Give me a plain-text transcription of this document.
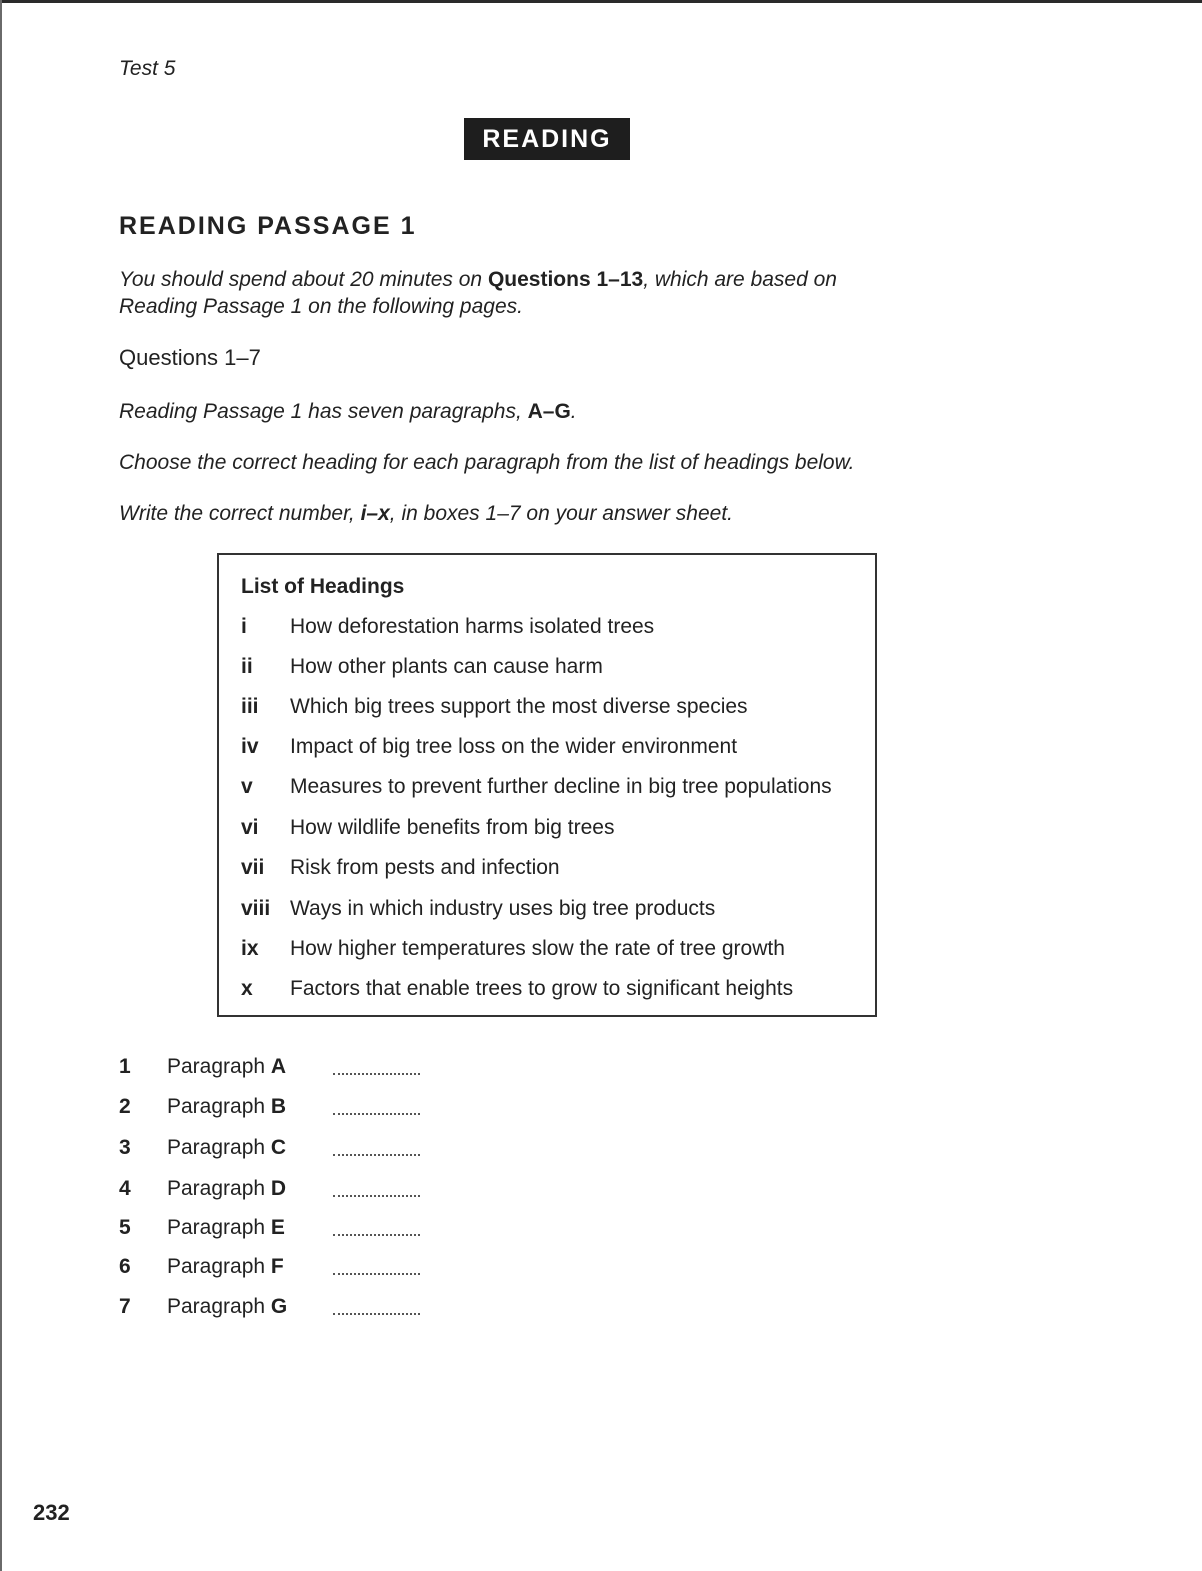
Test 5
READING
READING PASSAGE 1
You should spend about 20 minutes on Questions 1–13, which are based on
Reading Passage 1 on the following pages.
Questions 1–7
Reading Passage 1 has seven paragraphs, A–G.
Choose the correct heading for each paragraph from the list of headings below.
Write the correct number, i–x, in boxes 1–7 on your answer sheet.
List of Headings
i How deforestation harms isolated trees
ii How other plants can cause harm
iii Which big trees support the most diverse species
iv Impact of big tree loss on the wider environment
v Measures to prevent further decline in big tree populations
vi How wildlife benefits from big trees
vii Risk from pests and infection
viii Ways in which industry uses big tree products
ix How higher temperatures slow the rate of tree growth
x Factors that enable trees to grow to significant heights
1 Paragraph A
2 Paragraph B
3 Paragraph C
4 Paragraph D
5 Paragraph E
6 Paragraph F
7 Paragraph G
232
